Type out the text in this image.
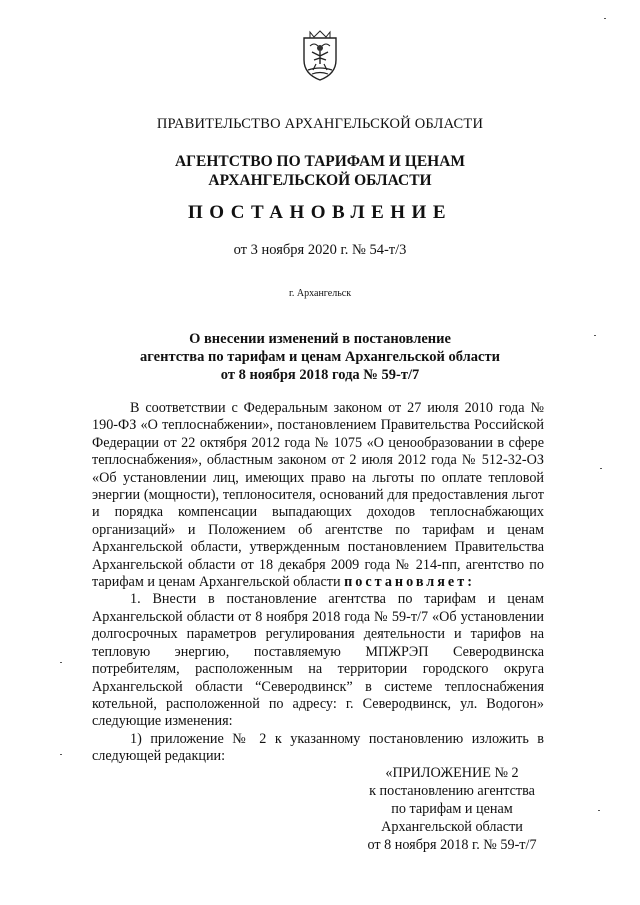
ПРАВИТЕЛЬСТВО АРХАНГЕЛЬСКОЙ ОБЛАСТИ
АГЕНТСТВО ПО ТАРИФАМ И ЦЕНАМ
АРХАНГЕЛЬСКОЙ ОБЛАСТИ
ПОСТАНОВЛЕНИЕ
от 3 ноября 2020 г. № 54-т/3
г. Архангельск
О внесении изменений в постановление
агентства по тарифам и ценам Архангельской области
от 8 ноября 2018 года № 59-т/7

В соответствии с Федеральным законом от 27 июля 2010 года № 190-ФЗ «О теплоснабжении», постановлением Правительства Российской Федерации от 22 октября 2012 года № 1075 «О ценообразовании в сфере теплоснабжения», областным законом от 2 июля 2012 года № 512-32-ОЗ «Об установлении лиц, имеющих право на льготы по оплате тепловой энергии (мощности), теплоносителя, оснований для предоставления льгот и порядка компенсации выпадающих доходов теплоснабжающих организаций» и Положением об агентстве по тарифам и ценам Архангельской области, утвержденным постановлением Правительства Архангельской области от 18 декабря 2009 года № 214-пп, агентство по тарифам и ценам Архангельской области постановляет:

1. Внести в постановление агентства по тарифам и ценам Архангельской области от 8 ноября 2018 года № 59-т/7 «Об установлении долгосрочных параметров регулирования деятельности и тарифов на тепловую энергию, поставляемую МПЖРЭП Северодвинска потребителям, расположенным на территории городского округа Архангельской области “Северодвинск” в системе теплоснабжения котельной, расположенной по адресу: г. Северодвинск, ул. Водогон» следующие изменения:

1) приложение № 2 к указанному постановлению изложить в следующей редакции:

«ПРИЛОЖЕНИЕ № 2
к постановлению агентства
по тарифам и ценам
Архангельской области
от 8 ноября 2018 г. № 59-т/7
